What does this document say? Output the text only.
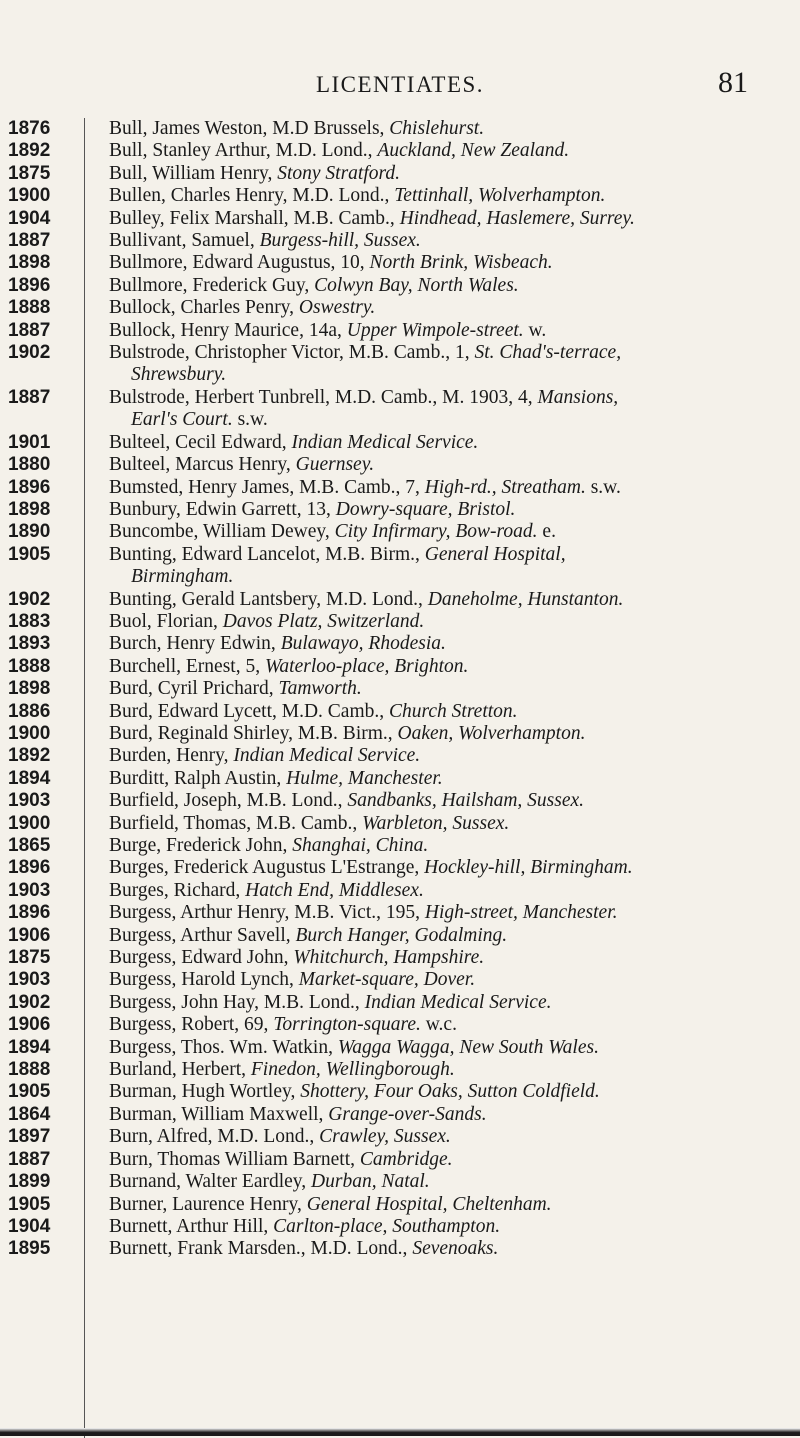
LICENTIATES.	81
1876	Bull, James Weston, M.D Brussels, Chislehurst.
1892	Bull, Stanley Arthur, M.D. Lond., Auckland, New Zealand.
1875	Bull, William Henry, Stony Stratford.
1900	Bullen, Charles Henry, M.D. Lond., Tettinhall, Wolverhampton.
1904	Bulley, Felix Marshall, M.B. Camb., Hindhead, Haslemere, Surrey.
1887	Bullivant, Samuel, Burgess-hill, Sussex.
1898	Bullmore, Edward Augustus, 10, North Brink, Wisbeach.
1896	Bullmore, Frederick Guy, Colwyn Bay, North Wales.
1888	Bullock, Charles Penry, Oswestry.
1887	Bullock, Henry Maurice, 14a, Upper Wimpole-street. w.
1902	Bulstrode, Christopher Victor, M.B. Camb., 1, St. Chad's-terrace,
Shrewsbury.
1887	Bulstrode, Herbert Tunbrell, M.D. Camb., M. 1903, 4, Mansions,
Earl's Court. s.w.
1901	Bulteel, Cecil Edward, Indian Medical Service.
1880	Bulteel, Marcus Henry, Guernsey.
1896	Bumsted, Henry James, M.B. Camb., 7, High-rd., Streatham. s.w.
1898	Bunbury, Edwin Garrett, 13, Dowry-square, Bristol.
1890	Buncombe, William Dewey, City Infirmary, Bow-road. e.
1905	Bunting, Edward Lancelot, M.B. Birm., General Hospital,
Birmingham.
1902	Bunting, Gerald Lantsbery, M.D. Lond., Daneholme, Hunstanton.
1883	Buol, Florian, Davos Platz, Switzerland.
1893	Burch, Henry Edwin, Bulawayo, Rhodesia.
1888	Burchell, Ernest, 5, Waterloo-place, Brighton.
1898	Burd, Cyril Prichard, Tamworth.
1886	Burd, Edward Lycett, M.D. Camb., Church Stretton.
1900	Burd, Reginald Shirley, M.B. Birm., Oaken, Wolverhampton.
1892	Burden, Henry, Indian Medical Service.
1894	Burditt, Ralph Austin, Hulme, Manchester.
1903	Burfield, Joseph, M.B. Lond., Sandbanks, Hailsham, Sussex.
1900	Burfield, Thomas, M.B. Camb., Warbleton, Sussex.
1865	Burge, Frederick John, Shanghai, China.
1896	Burges, Frederick Augustus L'Estrange, Hockley-hill, Birmingham.
1903	Burges, Richard, Hatch End, Middlesex.
1896	Burgess, Arthur Henry, M.B. Vict., 195, High-street, Manchester.
1906	Burgess, Arthur Savell, Burch Hanger, Godalming.
1875	Burgess, Edward John, Whitchurch, Hampshire.
1903	Burgess, Harold Lynch, Market-square, Dover.
1902	Burgess, John Hay, M.B. Lond., Indian Medical Service.
1906	Burgess, Robert, 69, Torrington-square. w.c.
1894	Burgess, Thos. Wm. Watkin, Wagga Wagga, New South Wales.
1888	Burland, Herbert, Finedon, Wellingborough.
1905	Burman, Hugh Wortley, Shottery, Four Oaks, Sutton Coldfield.
1864	Burman, William Maxwell, Grange-over-Sands.
1897	Burn, Alfred, M.D. Lond., Crawley, Sussex.
1887	Burn, Thomas William Barnett, Cambridge.
1899	Burnand, Walter Eardley, Durban, Natal.
1905	Burner, Laurence Henry, General Hospital, Cheltenham.
1904	Burnett, Arthur Hill, Carlton-place, Southampton.
1895	Burnett, Frank Marsden., M.D. Lond., Sevenoaks.
